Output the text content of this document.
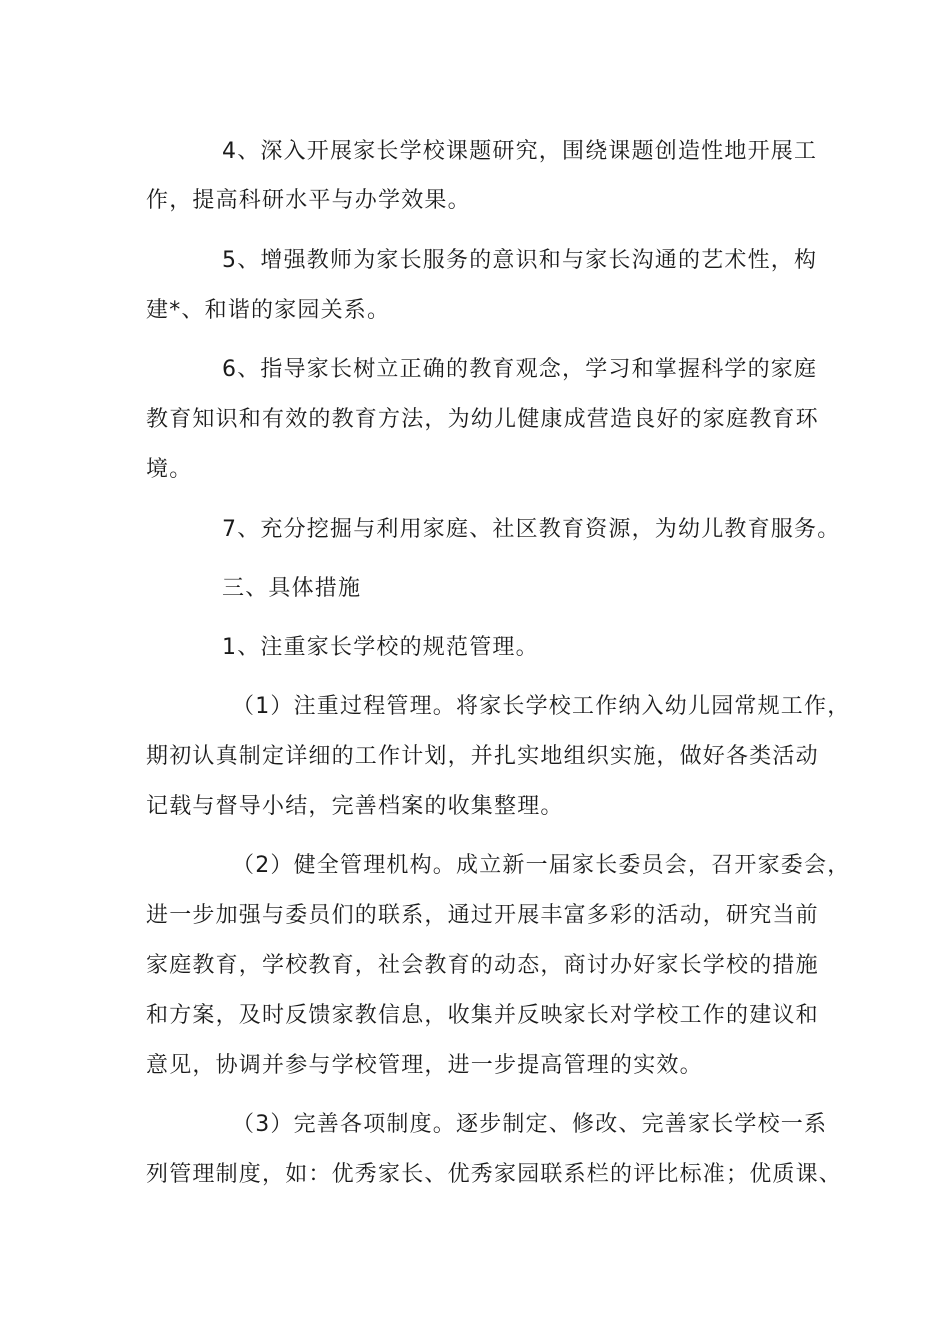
4、深入开展家长学校课题研究，围绕课题创造性地开展工
作，提高科研水平与办学效果。
5、增强教师为家长服务的意识和与家长沟通的艺术性，构
建*、和谐的家园关系。
6、指导家长树立正确的教育观念，学习和掌握科学的家庭
教育知识和有效的教育方法，为幼儿健康成营造良好的家庭教育环
境。
7、充分挖掘与利用家庭、社区教育资源，为幼儿教育服务。
三、具体措施
1、注重家长学校的规范管理。
（1）注重过程管理。将家长学校工作纳入幼儿园常规工作，
期初认真制定详细的工作计划，并扎实地组织实施，做好各类活动
记载与督导小结，完善档案的收集整理。
（2）健全管理机构。成立新一届家长委员会，召开家委会，
进一步加强与委员们的联系，通过开展丰富多彩的活动，研究当前
家庭教育，学校教育，社会教育的动态，商讨办好家长学校的措施
和方案，及时反馈家教信息，收集并反映家长对学校工作的建议和
意见，协调并参与学校管理，进一步提高管理的实效。
（3）完善各项制度。逐步制定、修改、完善家长学校一系
列管理制度，如：优秀家长、优秀家园联系栏的评比标准；优质课、
